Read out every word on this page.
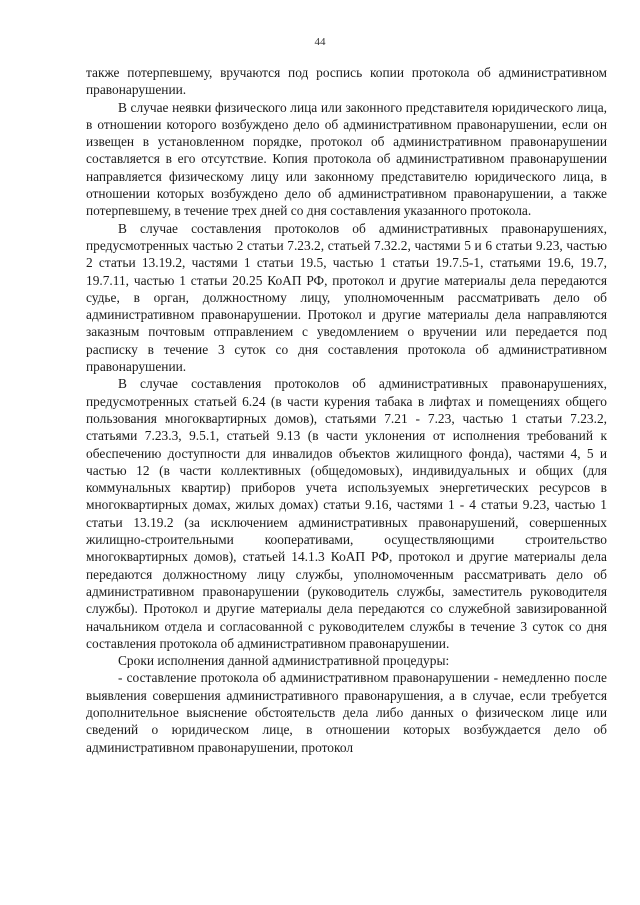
44

также потерпевшему, вручаются под роспись копии протокола об административном правонарушении.

В случае неявки физического лица или законного представителя юридического лица, в отношении которого возбуждено дело об административном правонарушении, если он извещен в установленном порядке, протокол об административном правонарушении составляется в его отсутствие. Копия протокола об административном правонарушении направляется физическому лицу или законному представителю юридического лица, в отношении которых возбуждено дело об административном правонарушении, а также потерпевшему, в течение трех дней со дня составления указанного протокола.

В случае составления протоколов об административных правонарушениях, предусмотренных частью 2 статьи 7.23.2, статьей 7.32.2, частями 5 и 6 статьи 9.23, частью 2 статьи 13.19.2, частями 1 статьи 19.5, частью 1 статьи 19.7.5-1, статьями 19.6, 19.7, 19.7.11, частью 1 статьи 20.25 КоАП РФ, протокол и другие материалы дела передаются судье, в орган, должностному лицу, уполномоченным рассматривать дело об административном правонарушении. Протокол и другие материалы дела направляются заказным почтовым отправлением с уведомлением о вручении или передается под расписку в течение 3 суток со дня составления протокола об административном правонарушении.

В случае составления протоколов об административных правонарушениях, предусмотренных статьей 6.24 (в части курения табака в лифтах и помещениях общего пользования многоквартирных домов), статьями 7.21 - 7.23, частью 1 статьи 7.23.2, статьями 7.23.3, 9.5.1, статьей 9.13 (в части уклонения от исполнения требований к обеспечению доступности для инвалидов объектов жилищного фонда), частями 4, 5 и частью 12 (в части коллективных (общедомовых), индивидуальных и общих (для коммунальных квартир) приборов учета используемых энергетических ресурсов в многоквартирных домах, жилых домах) статьи 9.16, частями 1 - 4 статьи 9.23, частью 1 статьи 13.19.2 (за исключением административных правонарушений, совершенных жилищно-строительными кооперативами, осуществляющими строительство многоквартирных домов), статьей 14.1.3 КоАП РФ, протокол и другие материалы дела передаются должностному лицу службы, уполномоченным рассматривать дело об административном правонарушении (руководитель службы, заместитель руководителя службы). Протокол и другие материалы дела передаются со служебной завизированной начальником отдела и согласованной с руководителем службы в течение 3 суток со дня составления протокола об административном правонарушении.

Сроки исполнения данной административной процедуры:

- составление протокола об административном правонарушении - немедленно после выявления совершения административного правонарушения, а в случае, если требуется дополнительное выяснение обстоятельств дела либо данных о физическом лице или сведений о юридическом лице, в отношении которых возбуждается дело об административном правонарушении, протокол
